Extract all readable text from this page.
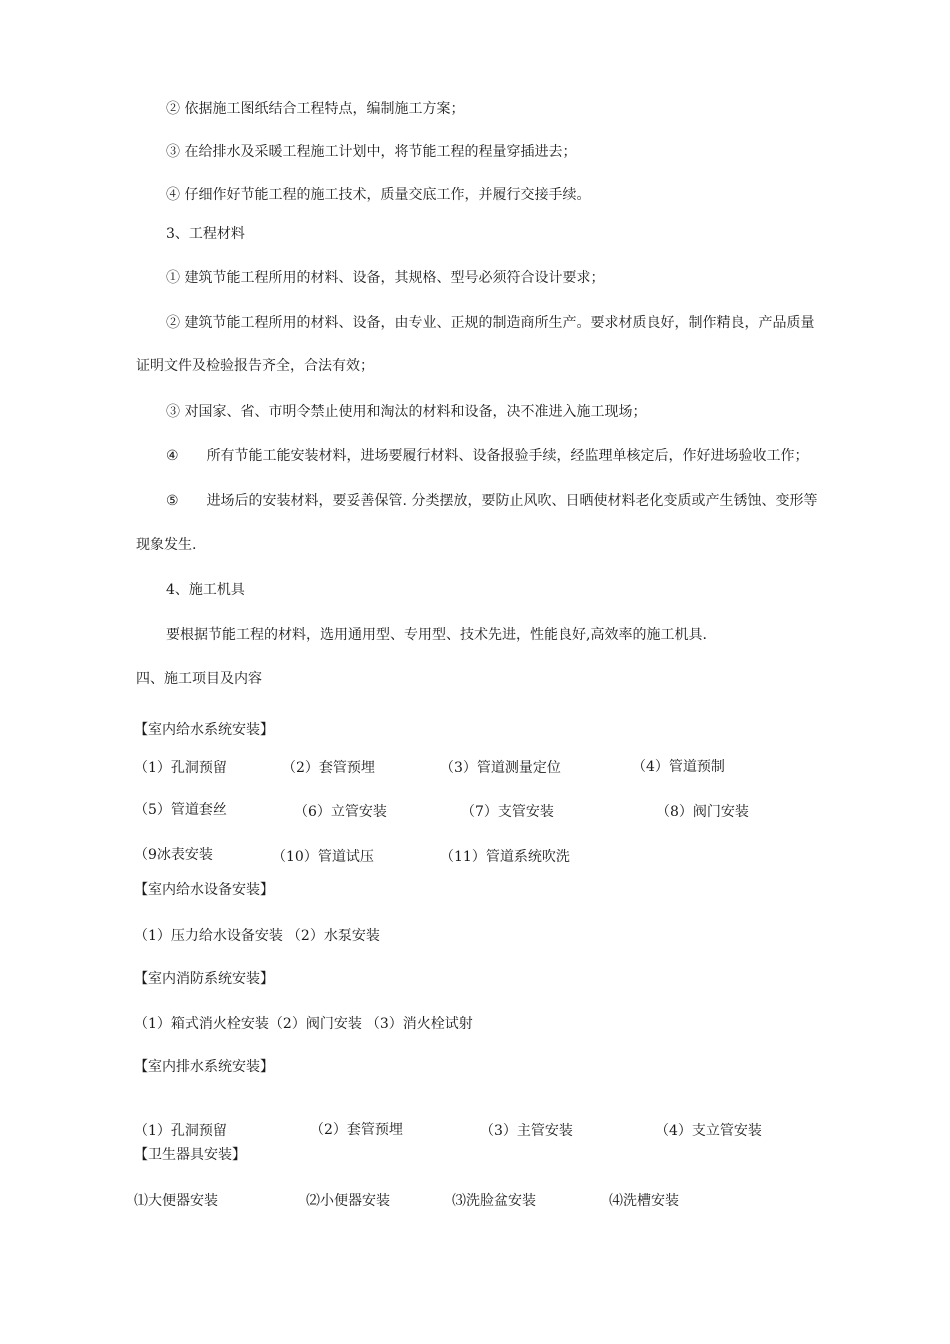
② 依据施工图纸结合工程特点，编制施工方案；
③ 在给排水及采暖工程施工计划中，将节能工程的程量穿插进去；
④ 仔细作好节能工程的施工技术，质量交底工作，并履行交接手续。
3、工程材料
① 建筑节能工程所用的材料、设备，其规格、型号必须符合设计要求；
② 建筑节能工程所用的材料、设备，由专业、正规的制造商所生产。要求材质良好，制作精良，产品质量
证明文件及检验报告齐全，合法有效；
③ 对国家、省、市明令禁止使用和淘汰的材料和设备，决不准进入施工现场；
④ 所有节能工能安装材料，进场要履行材料、设备报验手续，经监理单核定后，作好进场验收工作；
⑤ 进场后的安装材料，要妥善保管. 分类摆放，要防止风吹、日晒使材料老化变质或产生锈蚀、变形等
现象发生.
4、施工机具
要根据节能工程的材料，选用通用型、专用型、技术先进，性能良好,高效率的施工机具.
四、施工项目及内容
【室内给水系统安装】
（1）孔洞预留	（2）套管预埋	（3）管道测量定位	（4）管道预制
（5）管道套丝	（6）立管安装	（7）支管安装	（8）阀门安装
（9冰表安装	（10）管道试压	（11）管道系统吹洗
【室内给水设备安装】
（1）压力给水设备安装 （2）水泵安装
【室内消防系统安装】
（1）箱式消火栓安装（2）阀门安装 （3）消火栓试射
【室内排水系统安装】
（1）孔洞预留	（2）套管预埋	（3）主管安装	（4）支立管安装
【卫生器具安装】
⑴大便器安装	⑵小便器安装	⑶洗脸盆安装	⑷洗槽安装
